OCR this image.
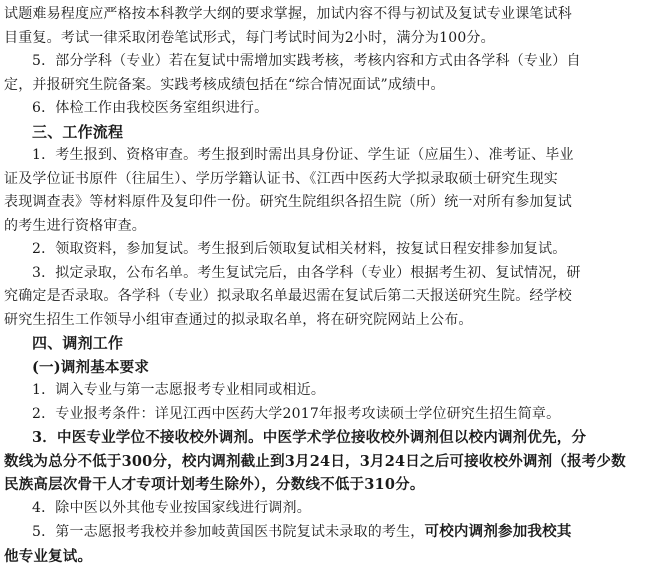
试题难易程度应严格按本科教学大纲的要求掌握，加试内容不得与初试及复试专业课笔试科
目重复。考试一律采取闭卷笔试形式，每门考试时间为2小时，满分为100分。
5．部分学科（专业）若在复试中需增加实践考核，考核内容和方式由各学科（专业）自
定，并报研究生院备案。实践考核成绩包括在“综合情况面试”成绩中。
6．体检工作由我校医务室组织进行。
三、工作流程
1．考生报到、资格审查。考生报到时需出具身份证、学生证（应届生）、准考证、毕业
证及学位证书原件（往届生）、学历学籍认证书、《江西中医药大学拟录取硕士研究生现实
表现调查表》等材料原件及复印件一份。研究生院组织各招生院（所）统一对所有参加复试
的考生进行资格审查。
2．领取资料，参加复试。考生报到后领取复试相关材料，按复试日程安排参加复试。
3．拟定录取，公布名单。考生复试完后，由各学科（专业）根据考生初、复试情况，研
究确定是否录取。各学科（专业）拟录取名单最迟需在复试后第二天报送研究生院。经学校
研究生招生工作领导小组审查通过的拟录取名单，将在研究院网站上公布。
四、调剂工作
(一)调剂基本要求
1．调入专业与第一志愿报考专业相同或相近。
2．专业报考条件：详见江西中医药大学2017年报考攻读硕士学位研究生招生简章。
3．中医专业学位不接收校外调剂。中医学术学位接收校外调剂但以校内调剂优先，分
数线为总分不低于300分，校内调剂截止到3月24日，3月24日之后可接收校外调剂（报考少数
民族高层次骨干人才专项计划考生除外），分数线不低于310分。
4．除中医以外其他专业按国家线进行调剂。
5．第一志愿报考我校并参加岐黄国医书院复试未录取的考生，可校内调剂参加我校其
他专业复试。
